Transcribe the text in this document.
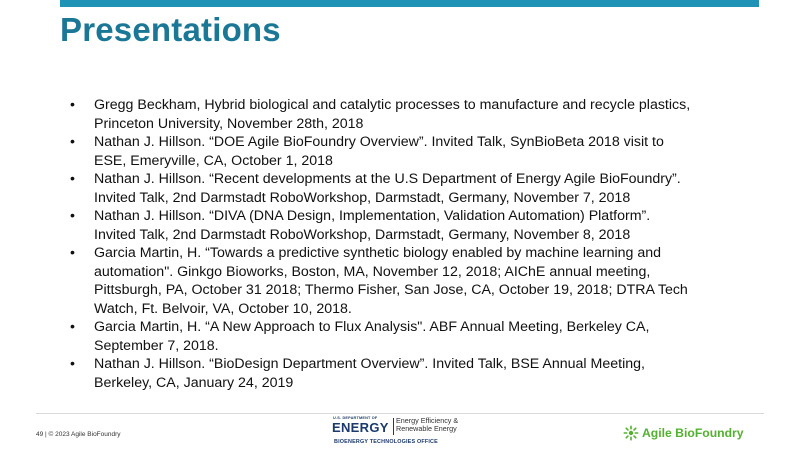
Presentations
• Gregg Beckham, Hybrid biological and catalytic processes to manufacture and recycle plastics,
Princeton University, November 28th, 2018
• Nathan J. Hillson. “DOE Agile BioFoundry Overview”. Invited Talk, SynBioBeta 2018 visit to
ESE, Emeryville, CA, October 1, 2018
• Nathan J. Hillson. “Recent developments at the U.S Department of Energy Agile BioFoundry”.
Invited Talk, 2nd Darmstadt RoboWorkshop, Darmstadt, Germany, November 7, 2018
• Nathan J. Hillson. “DIVA (DNA Design, Implementation, Validation Automation) Platform”.
Invited Talk, 2nd Darmstadt RoboWorkshop, Darmstadt, Germany, November 8, 2018
• Garcia Martin, H. “Towards a predictive synthetic biology enabled by machine learning and
automation". Ginkgo Bioworks, Boston, MA, November 12, 2018; AIChE annual meeting,
Pittsburgh, PA, October 31 2018; Thermo Fisher, San Jose, CA, October 19, 2018; DTRA Tech
Watch, Ft. Belvoir, VA, October 10, 2018.
• Garcia Martin, H. “A New Approach to Flux Analysis". ABF Annual Meeting, Berkeley CA,
September 7, 2018.
• Nathan J. Hillson. “BioDesign Department Overview”. Invited Talk, BSE Annual Meeting,
Berkeley, CA, January 24, 2019
49 | © 2023 Agile BioFoundry
U.S. DEPARTMENT OF
ENERGY Energy Efficiency &
Renewable Energy
BIOENERGY TECHNOLOGIES OFFICE
Agile BioFoundry
